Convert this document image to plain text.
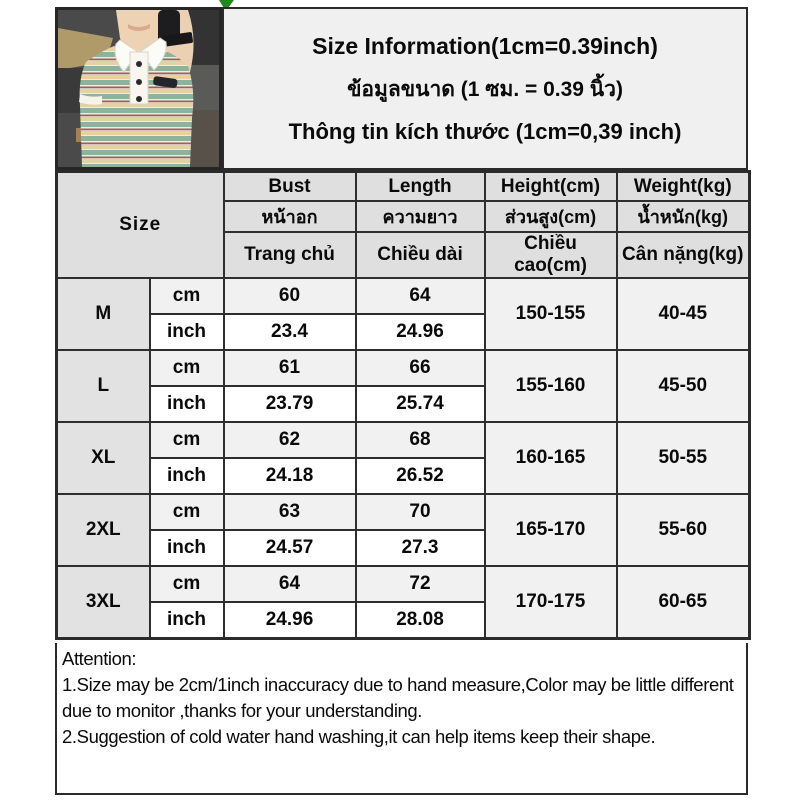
Size Information(1cm=0.39inch)
ข้อมูลขนาด (1 ซม. = 0.39 นิ้ว)
Thông tin kích thước (1cm=0,39 inch)
Size		Bust	Length	Height(cm)	Weight(kg)
		หน้าอก	ความยาว	ส่วนสูง(cm)	น้ำหนัก(kg)
		Trang chủ	Chiều dài	Chiều cao(cm)	Cân nặng(kg)
M	cm	60	64	150-155	40-45
	inch	23.4	24.96		
L	cm	61	66	155-160	45-50
	inch	23.79	25.74		
XL	cm	62	68	160-165	50-55
	inch	24.18	26.52		
2XL	cm	63	70	165-170	55-60
	inch	24.57	27.3		
3XL	cm	64	72	170-175	60-65
	inch	24.96	28.08		
Attention:
1.Size may be 2cm/1inch inaccuracy due to hand measure,Color may be little different
due to monitor ,thanks for your understanding.
2.Suggestion of cold water hand washing,it can help items keep their shape.
